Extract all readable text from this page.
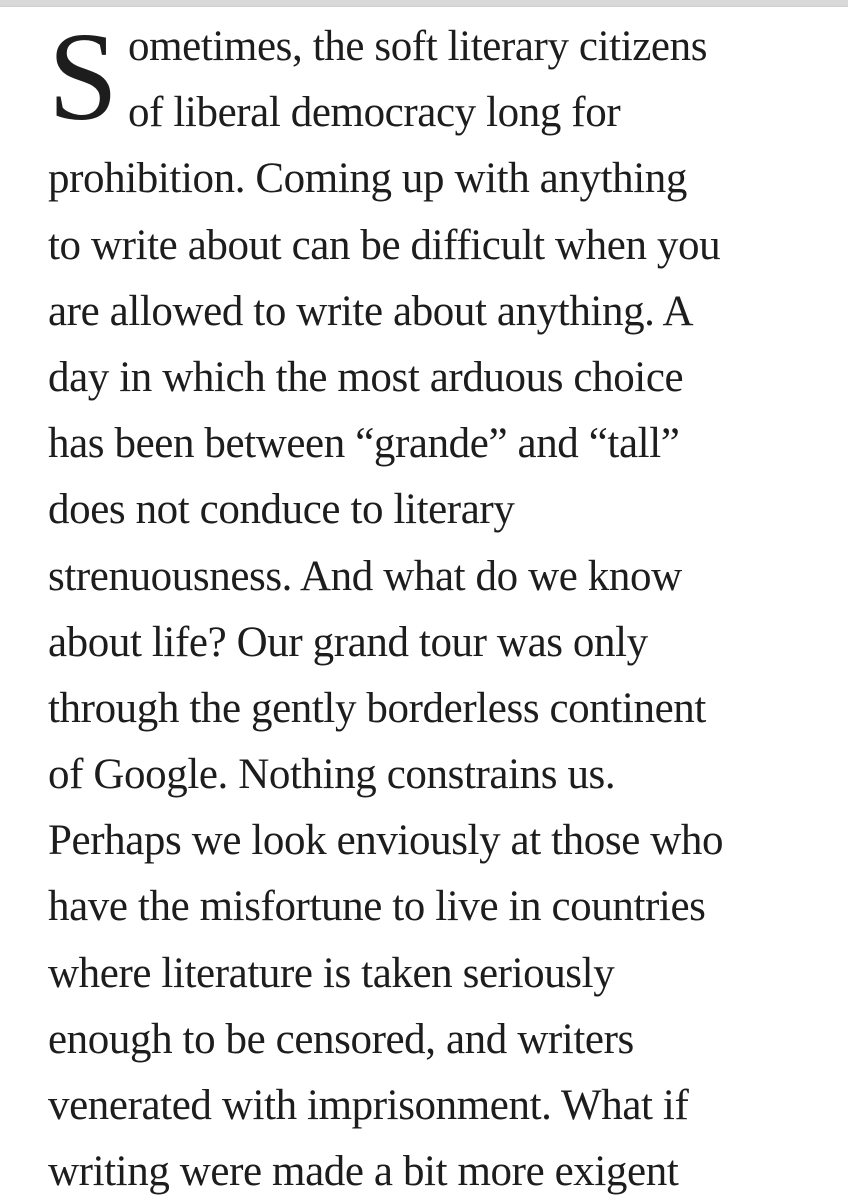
S ometimes, the soft literary citizens
of liberal democracy long for
prohibition. Coming up with anything
to write about can be difficult when you
are allowed to write about anything. A
day in which the most arduous choice
has been between “grande” and “tall”
does not conduce to literary
strenuousness. And what do we know
about life? Our grand tour was only
through the gently borderless continent
of Google. Nothing constrains us.
Perhaps we look enviously at those who
have the misfortune to live in countries
where literature is taken seriously
enough to be censored, and writers
venerated with imprisonment. What if
writing were made a bit more exigent
